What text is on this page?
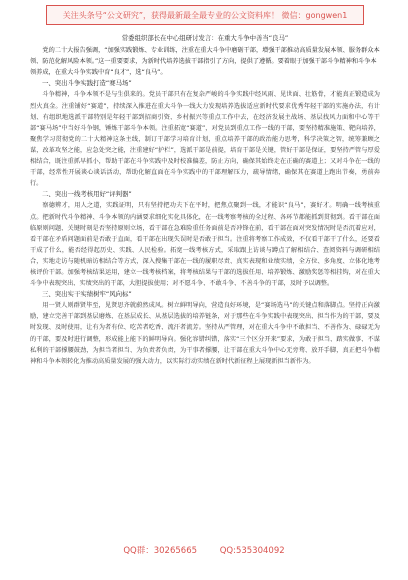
关注头条号“公文研究”，获得最新最全最专业的公文资料库！ 微信：gongwen1
常委组织部长在中心组研讨发言：在重大斗争中善当“良马”

党的二十大报告强调，“加强实践锻炼、专业训练，注重在重大斗争中磨砺干部，增强干部推动高质量发展本领、服务群众本领、防范化解风险本领。”这一重要要求，为新时代培养选拔干部指引了方向，提供了遵循。要着眼于加强干部斗争精神和斗争本领养成，在重大斗争实践中育“良才”，选“良马”。

一、突出斗争实践打造“赛马场”

斗争精神，斗争本领不是与生俱来的。党员干部只有在复杂严峻的斗争实践中经风雨、见世面、壮筋骨，才能真正锻造成为烈火真金。注重铺好“赛道”，持续深入推进在重大斗争一线大力发现培养选拔适应新时代要求优秀年轻干部的实施办法，有计划、有组织地选派干部特别是年轻干部到招商引资、乡村振兴等重点工作中去，在经济发展主战场、基层找风力面和中心等干部“赛马场”中当好斗争钢，锤炼干部斗争本领。注重拓宽“赛道”，对党员到重点工作一线的干部，要坚持精准施策、靶向培养，聚焦学习贯彻党的二十大精神这条主线，制订干部学习培育计划，重点培养干部的政治能力思考，科学决策之智，统筹兼顾之谋，改革攻坚之能，应急处突之能，注重建好“护栏”，选派干部是前提，培育干部是关键，管好干部是保证，要坚持严管与厚爱相结合，既注重抓早抓小，帮助干部在斗争实践中及时校准偏差，防止方向，确保其始终走在正确的赛道上；又对斗争在一线的干部，经常性开展谈心谈话活动，帮助化解直面在斗争实践中的干部理解压力，疏导情绪，确保其在赛道上跑出节奏，勇前奔行。

二、突出一线考核用好“评判器”

察德辨才，用人之道，实践证明，只有坚持把功夫下在平时，把焦点聚到一线，才能识“良马”，赛好才。明确一线考核重点。把新时代斗争精神、斗争本领的内涵要求细化实化具体化，在一线考察考核的全过程、各环节都能抓到贯彻到。看干部在面临原则问题、关键时刻是否坚持原则立场，看干部在急难险重任务面前是否冲锋在前，看干部在面对突发情况时是否沉着应对，看干部在矛盾问题面前是否敢于直面，看干部在出现失误时是否敢于担当。注重将考察工作成效，不仅看干部干了什么，还要看干成了什么，能否经得起历史、实践、人民检验。拓宽一线考核方式，采取跟上访谈与蹲点了解相结合、查阅资料与调研相结合，实地走访与随机暗访相结合等方式，深入搜集干部在一线的履职尽责、真实表现和业绩实绩，全方位、多角度、立体化地考核评价干部。加强考核结果运用，建立一线考核档案，将考核结果与干部的选拔任用、培养锻炼、激励奖惩等相挂钩，对在重大斗争中表现突出、实绩突出的干部，大胆提拔使用；对不愿斗争、不敢斗争、不善斗争的干部，及时予以调整。

三、突出实干实绩树牢“风向标”

用一贤人则群贤毕至，见贤思齐就蔚然成风。树立鲜明导向，营造良好环境，是“赛场选马”的关键点和落脚点。坚持正向激励，建立完善干部到基层磨炼、在基层成长、从基层选拔的培养链条，对于那些在斗争实践中表现突出、担当作为的干部，要及时发现、及时使用，让有为者有位、吃苦者吃香、流汗者流芳。坚持从严管理，对在重大斗争中不敢担当、不善作为、碌碌无为的干部，要及时进行调整，形成能上能下的鲜明导向。强化容错纠错，落实“三个区分开来”要求，为敢于担当、踏实做事、不谋私利的干部撑腰鼓劲，为担当者担当、为负责者负责，为干事者撑腰，让干部在重大斗争中心无旁骛、放开手脚，真正把斗争精神和斗争本领转化为推动高质量发展的强大动力，以实际行动实绩在新时代新征程上展现新担当新作为。

QQ群：30265665	QQ:535304092
